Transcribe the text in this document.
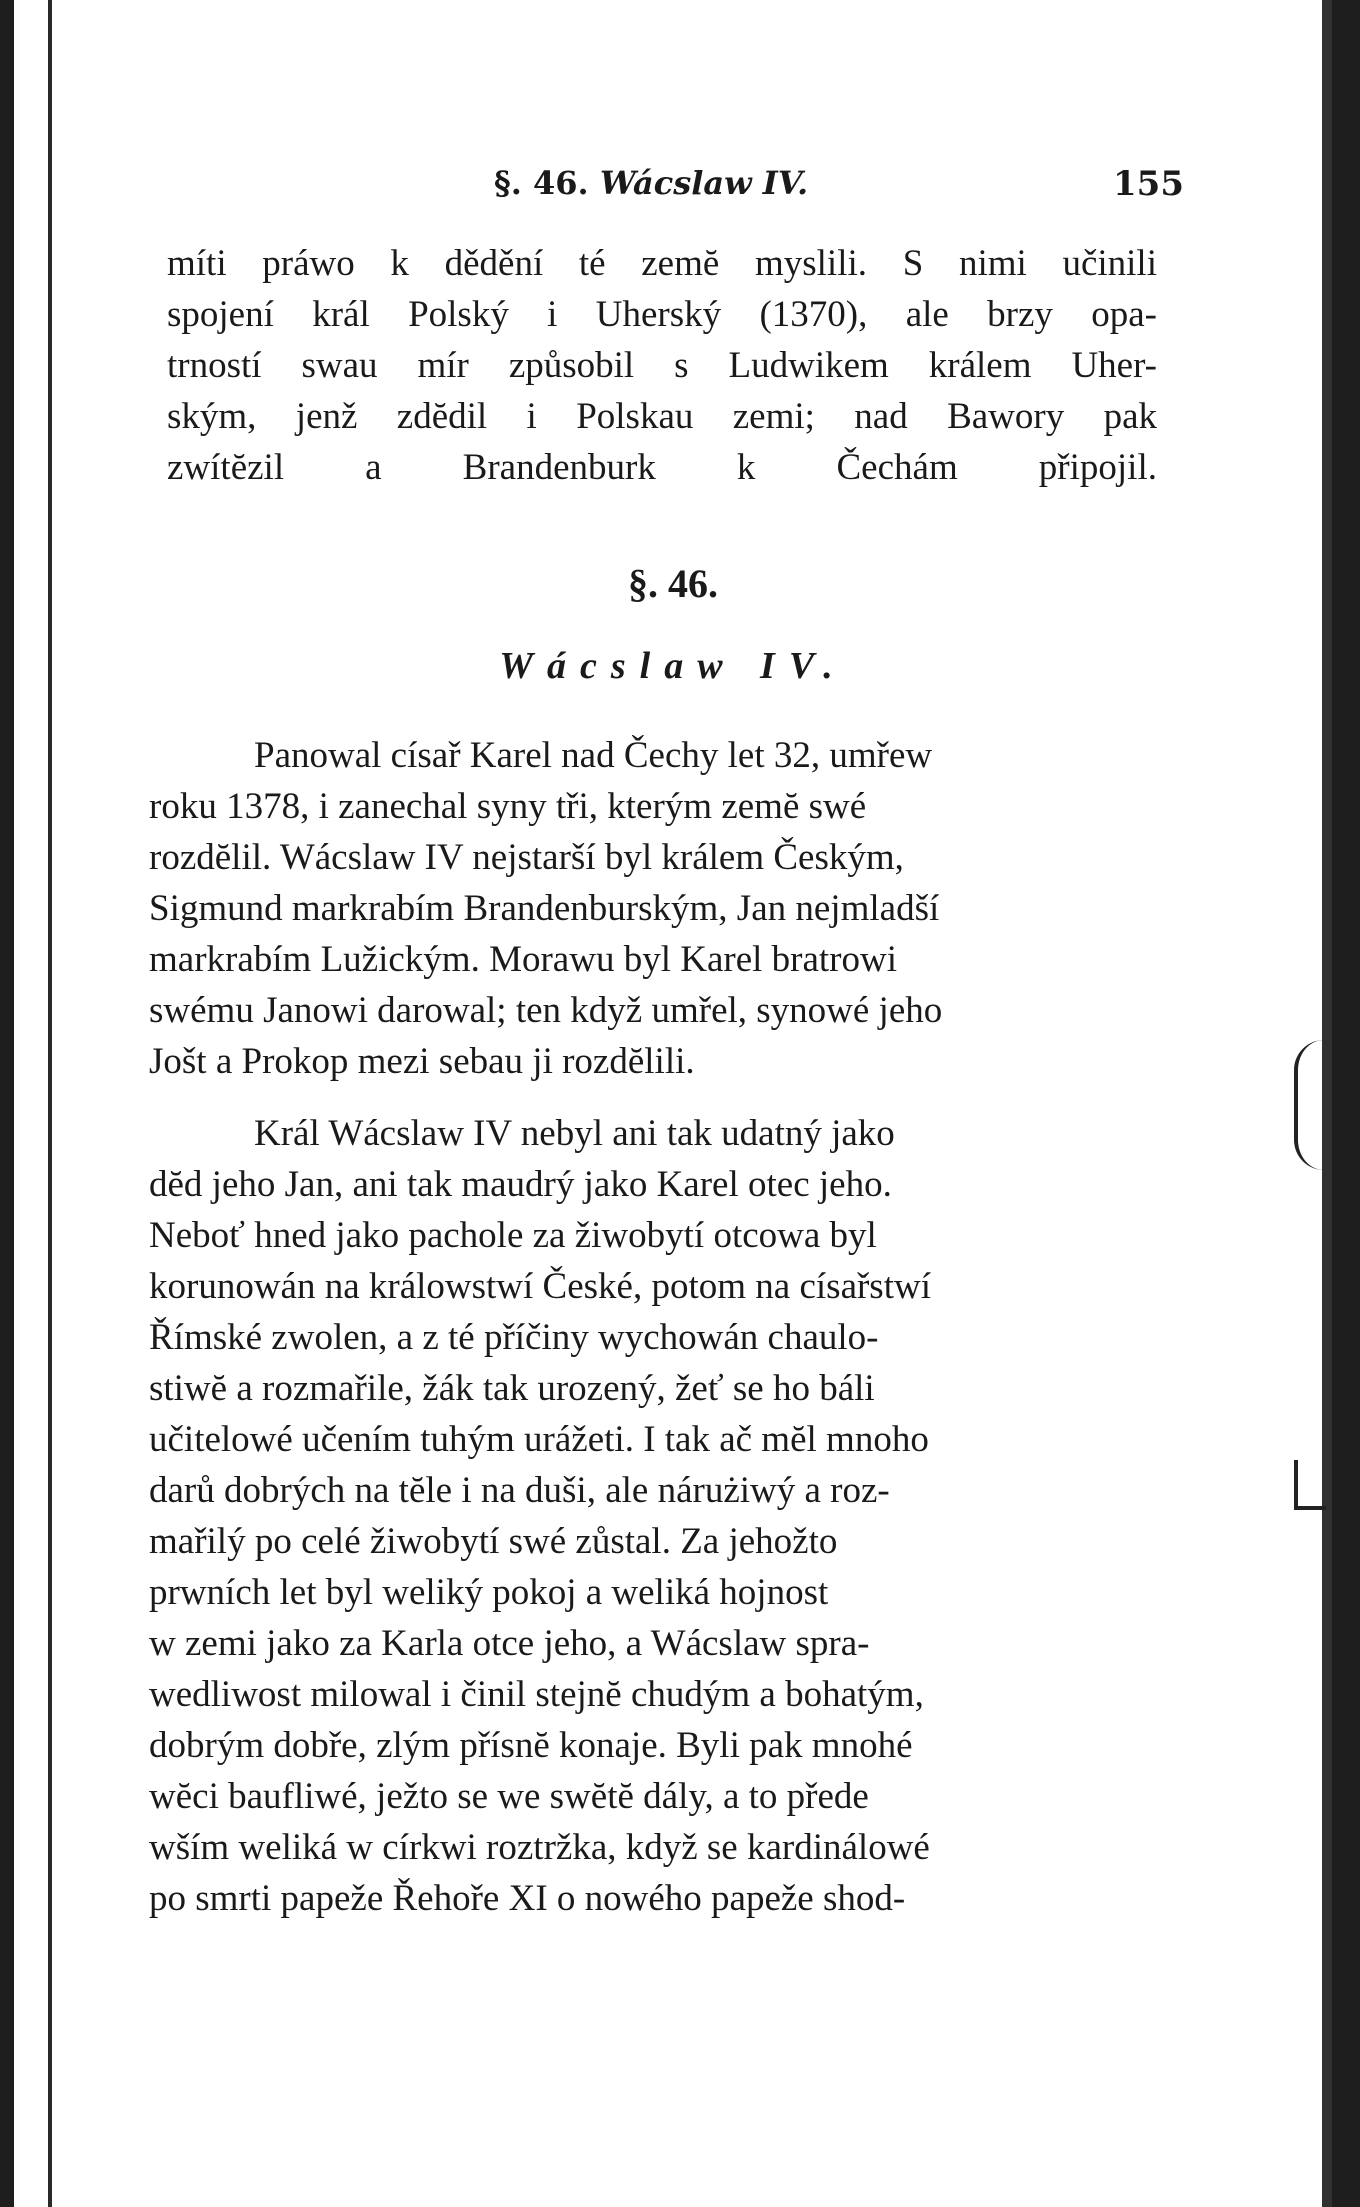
§. 46. Wácslaw IV.	155
míti práwo k dědění té zemĕ myslili. S nimi učinili
spojení král Polský i Uherský (1370), ale brzy opa-
trností swau mír způsobil s Ludwikem králem Uher-
ským, jenž zdĕdil i Polskau zemi; nad Bawory pak
zwítĕzil a Brandenburk k Čechám připojil.
§. 46.
Wácslaw IV.
Panowal císař Karel nad Čechy let 32, umřew
roku 1378, i zanechal syny tři, kterým zemĕ swé
rozdĕlil. Wácslaw IV nejstarší byl králem Českým,
Sigmund markrabím Brandenburským, Jan nejmladší
markrabím Lužickým. Morawu byl Karel bratrowi
swému Janowi darowal; ten když umřel, synowé jeho
Jošt a Prokop mezi sebau ji rozdĕlili.
Král Wácslaw IV nebyl ani tak udatný jako
dĕd jeho Jan, ani tak maudrý jako Karel otec jeho.
Neboť hned jako pachole za žiwobytí otcowa byl
korunowán na králowstwí České, potom na císařstwí
Římské zwolen, a z té příčiny wychowán chaulo-
stiwĕ a rozmařile, žák tak urozený, žeť se ho báli
učitelowé učením tuhým urážeti. I tak ač mĕl mnoho
darů dobrých na tĕle i na duši, ale nárużiwý a roz-
mařilý po celé žiwobytí swé zůstal. Za jehožto
prwních let byl weliký pokoj a weliká hojnost
w zemi jako za Karla otce jeho, a Wácslaw spra-
wedliwost milowal i činil stejnĕ chudým a bohatým,
dobrým dobře, zlým přísnĕ konaje. Byli pak mnohé
wĕci baufliwé, ježto se we swĕtĕ dály, a to přede
wším weliká w církwi roztržka, když se kardinálowé
po smrti papeže Řehoře XI o nowého papeže shod-
